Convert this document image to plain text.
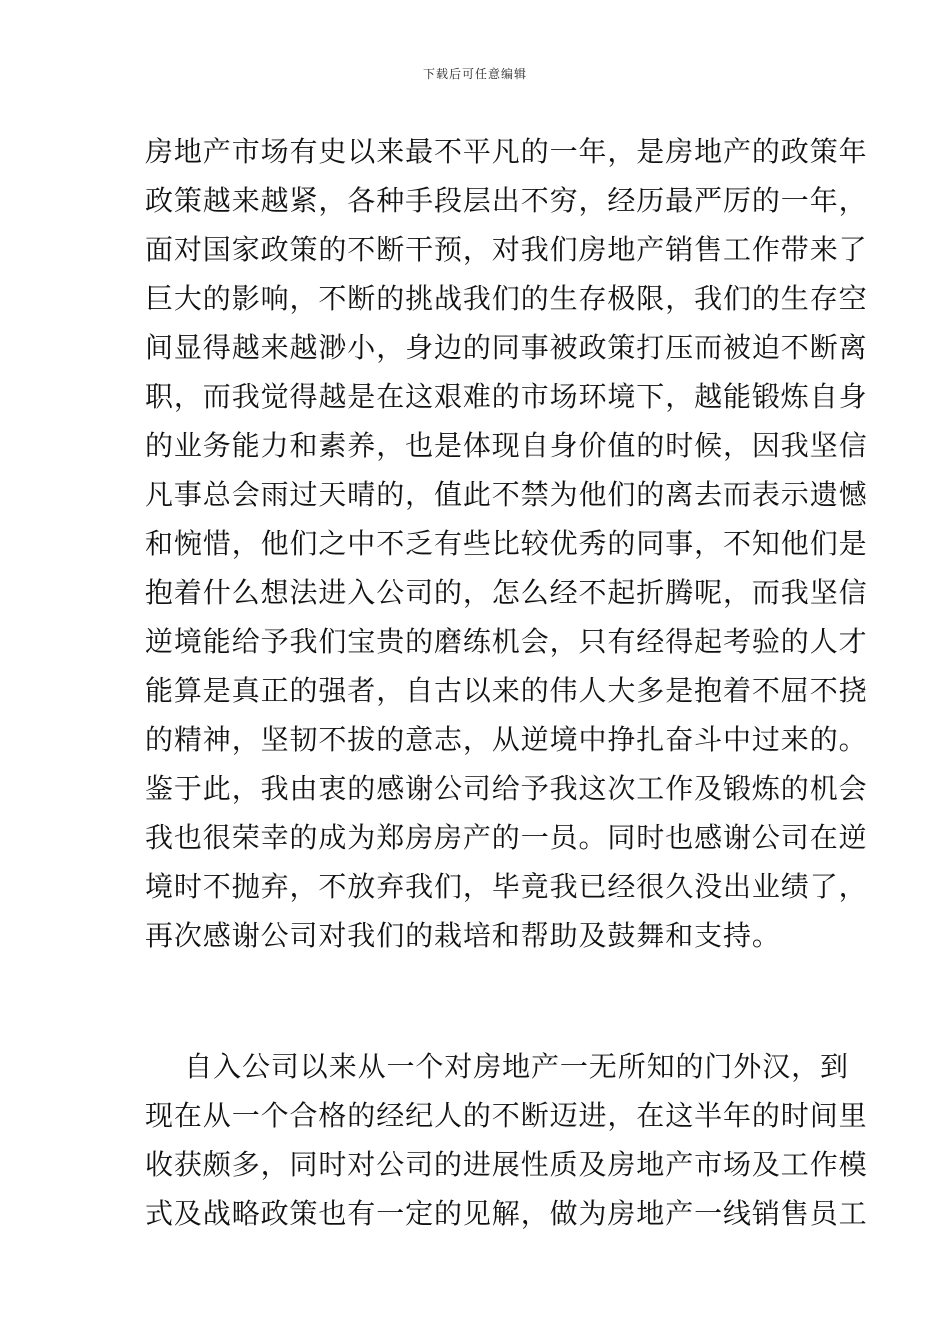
下载后可任意编辑
房地产市场有史以来最不平凡的一年，是房地产的政策年
政策越来越紧，各种手段层出不穷，经历最严厉的一年，
面对国家政策的不断干预，对我们房地产销售工作带来了
巨大的影响，不断的挑战我们的生存极限，我们的生存空
间显得越来越渺小，身边的同事被政策打压而被迫不断离
职，而我觉得越是在这艰难的市场环境下，越能锻炼自身
的业务能力和素养，也是体现自身价值的时候，因我坚信
凡事总会雨过天晴的，值此不禁为他们的离去而表示遗憾
和惋惜，他们之中不乏有些比较优秀的同事，不知他们是
抱着什么想法进入公司的，怎么经不起折腾呢，而我坚信
逆境能给予我们宝贵的磨练机会，只有经得起考验的人才
能算是真正的强者，自古以来的伟人大多是抱着不屈不挠
的精神，坚韧不拔的意志，从逆境中挣扎奋斗中过来的。
鉴于此，我由衷的感谢公司给予我这次工作及锻炼的机会
我也很荣幸的成为郑房房产的一员。同时也感谢公司在逆
境时不抛弃，不放弃我们，毕竟我已经很久没出业绩了，
再次感谢公司对我们的栽培和帮助及鼓舞和支持。
自入公司以来从一个对房地产一无所知的门外汉，到
现在从一个合格的经纪人的不断迈进，在这半年的时间里
收获颇多，同时对公司的进展性质及房地产市场及工作模
式及战略政策也有一定的见解，做为房地产一线销售员工
